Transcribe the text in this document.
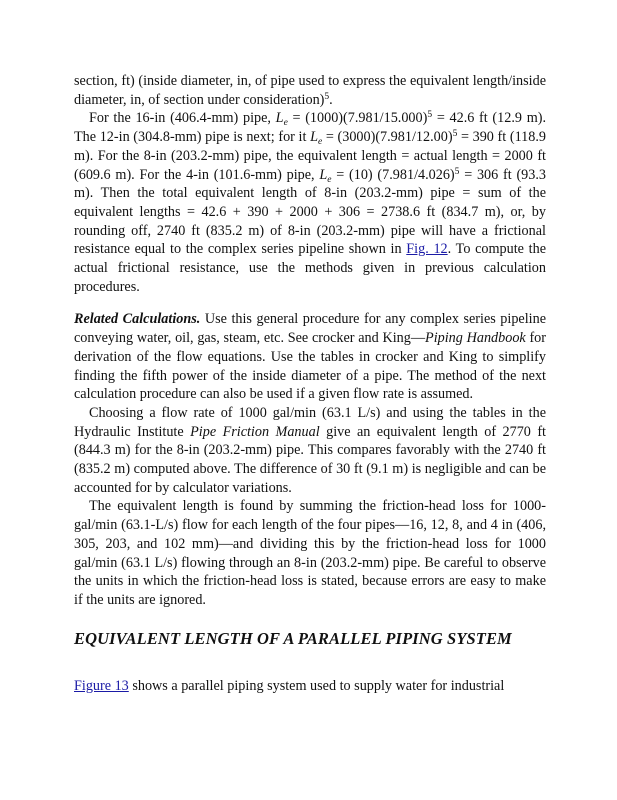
section, ft) (inside diameter, in, of pipe used to express the equivalent length/inside diameter, in, of section under consideration)$^5$.

For the 16-in (406.4-mm) pipe, $L_e = (1000)(7.981/15.000)^5 = 42.6$ ft (12.9 m). The 12-in (304.8-mm) pipe is next; for it $L_e = (3000)(7.981/12.00)^5 = 390$ ft (118.9 m). For the 8-in (203.2-mm) pipe, the equivalent length = actual length = 2000 ft (609.6 m). For the 4-in (101.6-mm) pipe, $L_e = (10) (7.981/4.026)^5 = 306$ ft (93.3 m). Then the total equivalent length of 8-in (203.2-mm) pipe = sum of the equivalent lengths = 42.6 + 390 + 2000 + 306 = 2738.6 ft (834.7 m), or, by rounding off, 2740 ft (835.2 m) of 8-in (203.2-mm) pipe will have a frictional resistance equal to the complex series pipeline shown in Fig. 12. To compute the actual frictional resistance, use the methods given in previous calculation procedures.

Related Calculations. Use this general procedure for any complex series pipeline conveying water, oil, gas, steam, etc. See crocker and King—Piping Handbook for derivation of the flow equations. Use the tables in crocker and King to simplify finding the fifth power of the inside diameter of a pipe. The method of the next calculation procedure can also be used if a given flow rate is assumed.

Choosing a flow rate of 1000 gal/min (63.1 L/s) and using the tables in the Hydraulic Institute Pipe Friction Manual give an equivalent length of 2770 ft (844.3 m) for the 8-in (203.2-mm) pipe. This compares favorably with the 2740 ft (835.2 m) computed above. The difference of 30 ft (9.1 m) is negligible and can be accounted for by calculator variations.

The equivalent length is found by summing the friction-head loss for 1000-gal/min (63.1-L/s) flow for each length of the four pipes—16, 12, 8, and 4 in (406, 305, 203, and 102 mm)—and dividing this by the friction-head loss for 1000 gal/min (63.1 L/s) flowing through an 8-in (203.2-mm) pipe. Be careful to observe the units in which the friction-head loss is stated, because errors are easy to make if the units are ignored.

EQUIVALENT LENGTH OF A PARALLEL PIPING SYSTEM

Figure 13 shows a parallel piping system used to supply water for industrial
